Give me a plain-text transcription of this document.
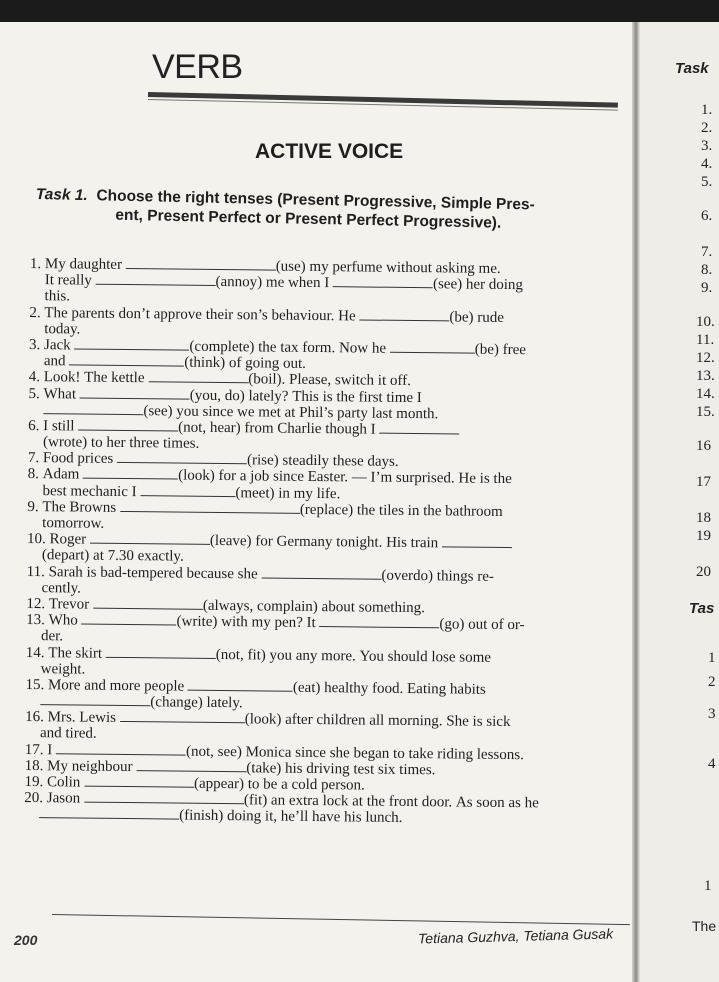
VERB
ACTIVE VOICE
Task 1. Choose the right tenses (Present Progressive, Simple Pres-
ent, Present Perfect or Present Perfect Progressive).
1. My daughter	(use) my perfume without asking me.
It really	(annoy) me when I	(see) her doing
this.
2. The parents don’t approve their son’s behaviour. He	(be) rude
today.
3. Jack	(complete) the tax form. Now he	(be) free
and	(think) of going out.
4. Look! The kettle	(boil). Please, switch it off.
5. What	(you, do) lately? This is the first time I
(see) you since we met at Phil’s party last month.
6. I still	(not, hear) from Charlie though I
(wrote) to her three times.
7. Food prices	(rise) steadily these days.
8. Adam	(look) for a job since Easter. — I’m surprised. He is the
best mechanic I	(meet) in my life.
9. The Browns	(replace) the tiles in the bathroom
tomorrow.
10. Roger	(leave) for Germany tonight. His train
(depart) at 7.30 exactly.
11. Sarah is bad-tempered because she	(overdo) things re-
cently.
12. Trevor	(always, complain) about something.
13. Who	(write) with my pen? It	(go) out of or-
der.
14. The skirt	(not, fit) you any more. You should lose some
weight.
15. More and more people	(eat) healthy food. Eating habits
(change) lately.
16. Mrs. Lewis	(look) after children all morning. She is sick
and tired.
17. I	(not, see) Monica since she began to take riding lessons.
18. My neighbour	(take) his driving test six times.
19. Colin	(appear) to be a cold person.
20. Jason	(fit) an extra lock at the front door. As soon as he
(finish) doing it, he’ll have his lunch.
200	Tetiana Guzhva, Tetiana Gusak
Task
1.
2.
3.
4.
5.
6.
7.
8.
9.
10.
11.
12.
13.
14.
15.
16
17
18
19
20
Tas
1
2
3
4
1
The
